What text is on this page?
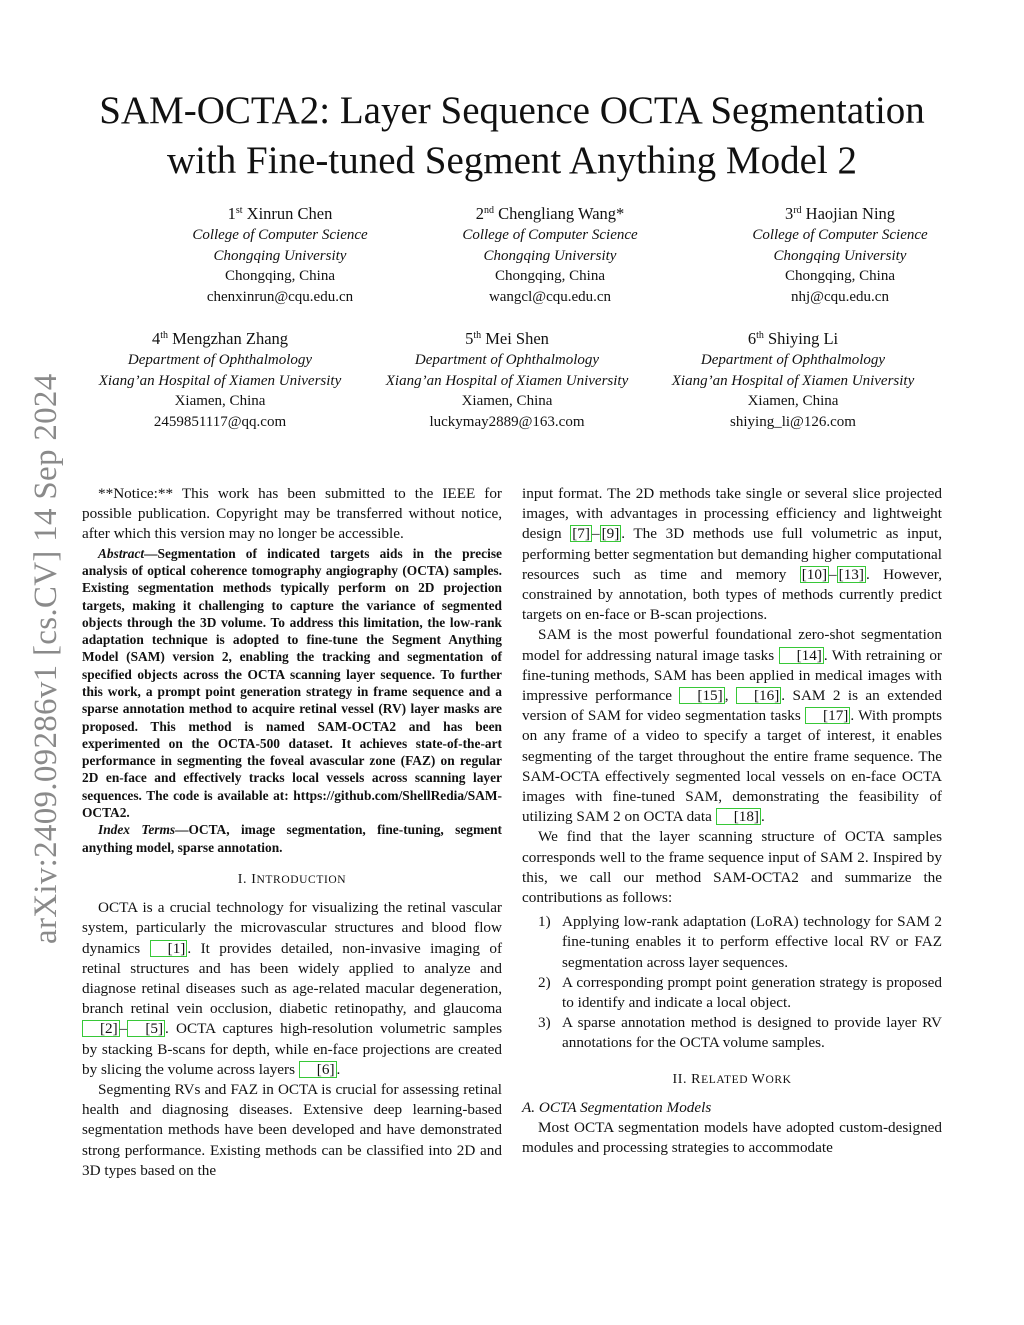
arXiv:2409.09286v1 [cs.CV] 14 Sep 2024
SAM-OCTA2: Layer Sequence OCTA Segmentation
with Fine-tuned Segment Anything Model 2
1st Xinrun Chen
College of Computer Science
Chongqing University
Chongqing, China
chenxinrun@cqu.edu.cn
2nd Chengliang Wang*
College of Computer Science
Chongqing University
Chongqing, China
wangcl@cqu.edu.cn
3rd Haojian Ning
College of Computer Science
Chongqing University
Chongqing, China
nhj@cqu.edu.cn
4th Mengzhan Zhang
Department of Ophthalmology
Xiang’an Hospital of Xiamen University
Xiamen, China
2459851117@qq.com
5th Mei Shen
Department of Ophthalmology
Xiang’an Hospital of Xiamen University
Xiamen, China
luckymay2889@163.com
6th Shiying Li
Department of Ophthalmology
Xiang’an Hospital of Xiamen University
Xiamen, China
shiying_li@126.com

**Notice:** This work has been submitted to the IEEE for possible publication. Copyright may be transferred without notice, after which this version may no longer be accessible.

Abstract—Segmentation of indicated targets aids in the precise analysis of optical coherence tomography angiography (OCTA) samples. Existing segmentation methods typically perform on 2D projection targets, making it challenging to capture the variance of segmented objects through the 3D volume. To address this limitation, the low-rank adaptation technique is adopted to fine-tune the Segment Anything Model (SAM) version 2, enabling the tracking and segmentation of specified objects across the OCTA scanning layer sequence. To further this work, a prompt point generation strategy in frame sequence and a sparse annotation method to acquire retinal vessel (RV) layer masks are proposed. This method is named SAM-OCTA2 and has been experimented on the OCTA-500 dataset. It achieves state-of-the-art performance in segmenting the foveal avascular zone (FAZ) on regular 2D en-face and effectively tracks local vessels across scanning layer sequences. The code is available at: https://github.com/ShellRedia/SAM-OCTA2.

Index Terms—OCTA, image segmentation, fine-tuning, segment anything model, sparse annotation.

I. INTRODUCTION

OCTA is a crucial technology for visualizing the retinal vascular system, particularly the microvascular structures and blood flow dynamics [1] . It provides detailed, non-invasive imaging of retinal structures and has been widely applied to analyze and diagnose retinal diseases such as age-related macular degeneration, branch retinal vein occlusion, diabetic retinopathy, and glaucoma [2] – [5] . OCTA captures high-resolution volumetric samples by stacking B-scans for depth, while en-face projections are created by slicing the volume across layers [6] .

Segmenting RVs and FAZ in OCTA is crucial for assessing retinal health and diagnosing diseases. Extensive deep learning-based segmentation methods have been developed and have demonstrated strong performance. Existing methods can be classified into 2D and 3D types based on the

input format. The 2D methods take single or several slice projected images, with advantages in processing efficiency and lightweight design [7] – [9] . The 3D methods use full volumetric as input, performing better segmentation but demanding higher computational resources such as time and memory [10] – [13] . However, constrained by annotation, both types of methods currently predict targets on en-face or B-scan projections.

SAM is the most powerful foundational zero-shot segmentation model for addressing natural image tasks [14] . With retraining or fine-tuning methods, SAM has been applied in medical images with impressive performance [15] , [16] . SAM 2 is an extended version of SAM for video segmentation tasks [17] . With prompts on any frame of a video to specify a target of interest, it enables segmenting of the target throughout the entire frame sequence. The SAM-OCTA effectively segmented local vessels on en-face OCTA images with fine-tuned SAM, demonstrating the feasibility of utilizing SAM 2 on OCTA data [18] .

We find that the layer scanning structure of OCTA samples corresponds well to the frame sequence input of SAM 2. Inspired by this, we call our method SAM-OCTA2 and summarize the contributions as follows:

1) Applying low-rank adaptation (LoRA) technology for SAM 2 fine-tuning enables it to perform effective local RV or FAZ segmentation across layer sequences.
2) A corresponding prompt point generation strategy is proposed to identify and indicate a local object.
3) A sparse annotation method is designed to provide layer RV annotations for the OCTA volume samples.
II. RELATED WORK

A. OCTA Segmentation Models

Most OCTA segmentation models have adopted custom-designed modules and processing strategies to accommodate
